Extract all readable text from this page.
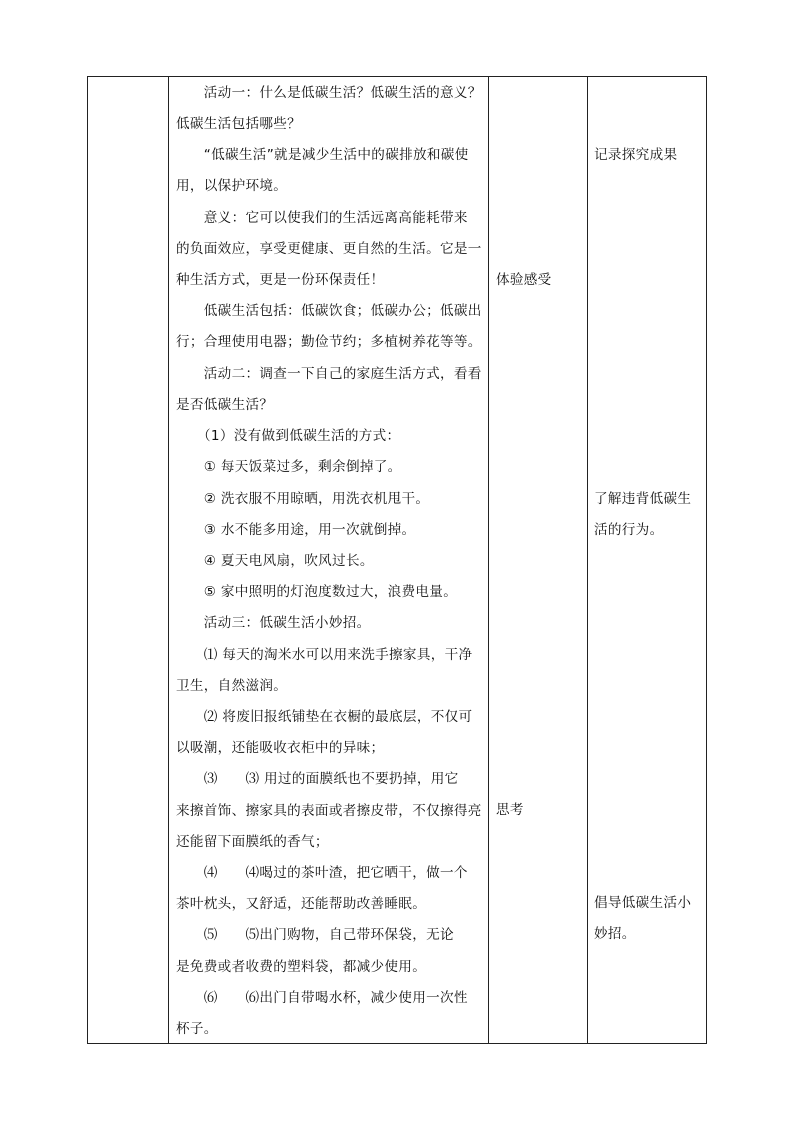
　　活动一：什么是低碳生活？低碳生活的意义？
低碳生活包括哪些？
　　“低碳生活”就是减少生活中的碳排放和碳使
用，以保护环境。
　　意义：它可以使我们的生活远离高能耗带来
的负面效应，享受更健康、更自然的生活。它是一
种生活方式，更是一份环保责任！
　　低碳生活包括：低碳饮食；低碳办公；低碳出
行；合理使用电器；勤俭节约；多植树养花等等。
　　活动二：调查一下自己的家庭生活方式，看看
是否低碳生活？
　　（1）没有做到低碳生活的方式：
　　① 每天饭菜过多，剩余倒掉了。
　　② 洗衣服不用晾晒，用洗衣机甩干。
　　③ 水不能多用途，用一次就倒掉。
　　④ 夏天电风扇，吹风过长。
　　⑤ 家中照明的灯泡度数过大，浪费电量。
　　活动三：低碳生活小妙招。
　　⑴ 每天的淘米水可以用来洗手擦家具，干净
卫生，自然滋润。
　　⑵ 将废旧报纸铺垫在衣橱的最底层，不仅可
以吸潮，还能吸收衣柜中的异味；
　　⑶　　⑶ 用过的面膜纸也不要扔掉，用它
来擦首饰、擦家具的表面或者擦皮带，不仅擦得亮
还能留下面膜纸的香气；
　　⑷　　⑷喝过的茶叶渣，把它晒干，做一个
茶叶枕头，又舒适，还能帮助改善睡眠。
　　⑸　　⑸出门购物，自己带环保袋，无论
是免费或者收费的塑料袋，都减少使用。
　　⑹　　⑹出门自带喝水杯，减少使用一次性
杯子。
体验感受
思考
记录探究成果
了解违背低碳生
活的行为。
倡导低碳生活小
妙招。
